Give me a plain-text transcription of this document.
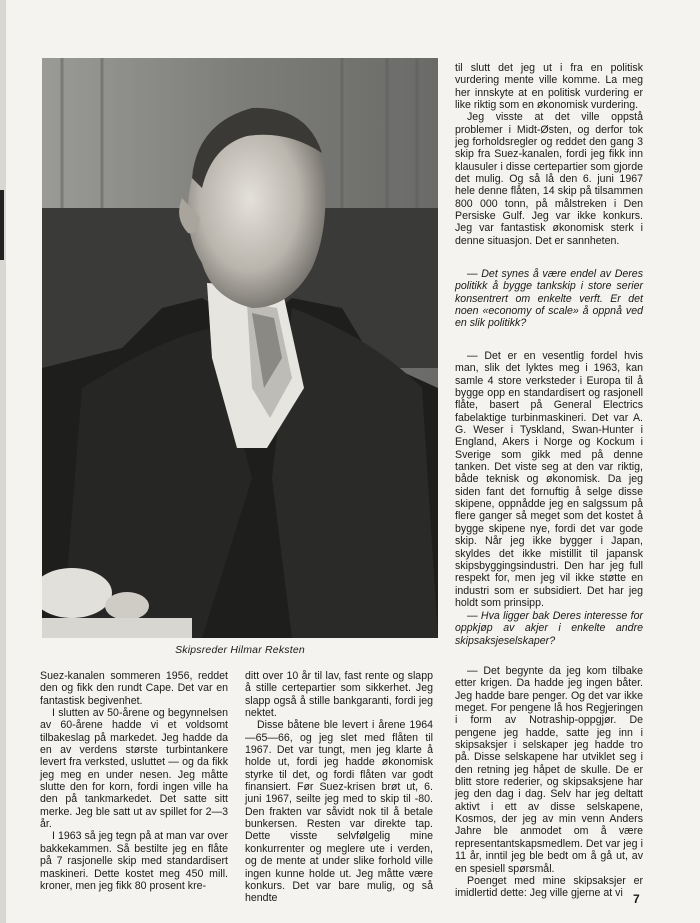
Skipsreder Hilmar Reksten

til slutt det jeg ut i fra en politisk vurdering mente ville komme. La meg her innskyte at en politisk vurdering er like riktig som en økonomisk vurdering.

Jeg visste at det ville oppstå problemer i Midt-Østen, og derfor tok jeg forholdsregler og reddet den gang 3 skip fra Suez-kanalen, fordi jeg fikk inn klausuler i disse certepartier som gjorde det mulig. Og så lå den 6. juni 1967 hele denne flåten, 14 skip på tilsammen 800 000 tonn, på målstreken i Den Persiske Gulf. Jeg var ikke konkurs. Jeg var fantastisk økonomisk sterk i denne situasjon. Det er sannheten.

— Det synes å være endel av Deres politikk å bygge tankskip i store serier konsentrert om enkelte verft. Er det noen «economy of scale» å oppnå ved en slik politikk?

— Det er en vesentlig fordel hvis man, slik det lyktes meg i 1963, kan samle 4 store verksteder i Europa til å bygge opp en standardisert og rasjonell flåte, basert på General Electrics fabelaktige turbinmaskineri. Det var A. G. Weser i Tyskland, Swan-Hunter i England, Akers i Norge og Kockum i Sverige som gikk med på denne tanken. Det viste seg at den var riktig, både teknisk og økonomisk. Da jeg siden fant det fornuftig å selge disse skipene, oppnådde jeg en salgssum på flere ganger så meget som det kostet å bygge skipene nye, fordi det var gode skip. Når jeg ikke bygger i Japan, skyldes det ikke mistillit til japansk skipsbyggingsindustri. Den har jeg full respekt for, men jeg vil ikke støtte en industri som er subsidiert. Det har jeg holdt som prinsipp.

— Hva ligger bak Deres interesse for oppkjøp av akjer i enkelte andre skipsaksjeselskaper?

— Det begynte da jeg kom tilbake etter krigen. Da hadde jeg ingen båter. Jeg hadde bare penger. Og det var ikke meget. For pengene lå hos Regjeringen i form av Notraship-oppgjør. De pengene jeg hadde, satte jeg inn i skipsaksjer i selskaper jeg hadde tro på. Disse selskapene har utviklet seg i den retning jeg håpet de skulle. De er blitt store rederier, og skipsaksjene har jeg den dag i dag. Selv har jeg deltatt aktivt i ett av disse selskapene, Kosmos, der jeg av min venn Anders Jahre ble anmodet om å være representantskapsmedlem. Det var jeg i 11 år, inntil jeg ble bedt om å gå ut, av en spesiell spørsmål.

Poenget med mine skipsaksjer er imidlertid dette: Jeg ville gjerne at vi

Suez-kanalen sommeren 1956, reddet den og fikk den rundt Cape. Det var en fantastisk begivenhet.

I slutten av 50-årene og begynnelsen av 60-årene hadde vi et voldsomt tilbakeslag på markedet. Jeg hadde da en av verdens største turbintankere levert fra verksted, usluttet — og da fikk jeg meg en under nesen. Jeg måtte slutte den for korn, fordi ingen ville ha den på tankmarkedet. Det satte sitt merke. Jeg ble satt ut av spillet for 2—3 år.

I 1963 så jeg tegn på at man var over bakkekammen. Så bestilte jeg en flåte på 7 rasjonelle skip med standardisert maskineri. Dette kostet meg 450 mill. kroner, men jeg fikk 80 prosent kre-

ditt over 10 år til lav, fast rente og slapp å stille certepartier som sikkerhet. Jeg slapp også å stille bankgaranti, fordi jeg nektet.

Disse båtene ble levert i årene 1964—65—66, og jeg slet med flåten til 1967. Det var tungt, men jeg klarte å holde ut, fordi jeg hadde økonomisk styrke til det, og fordi flåten var godt finansiert. Før Suez-krisen brøt ut, 6. juni 1967, seilte jeg med to skip til -80. Den frakten var såvidt nok til å betale bunkersen. Resten var direkte tap. Dette visste selvfølgelig mine konkurrenter og meglere ute i verden, og de mente at under slike forhold ville ingen kunne holde ut. Jeg måtte være konkurs. Det var bare mulig, og så hendte	7
